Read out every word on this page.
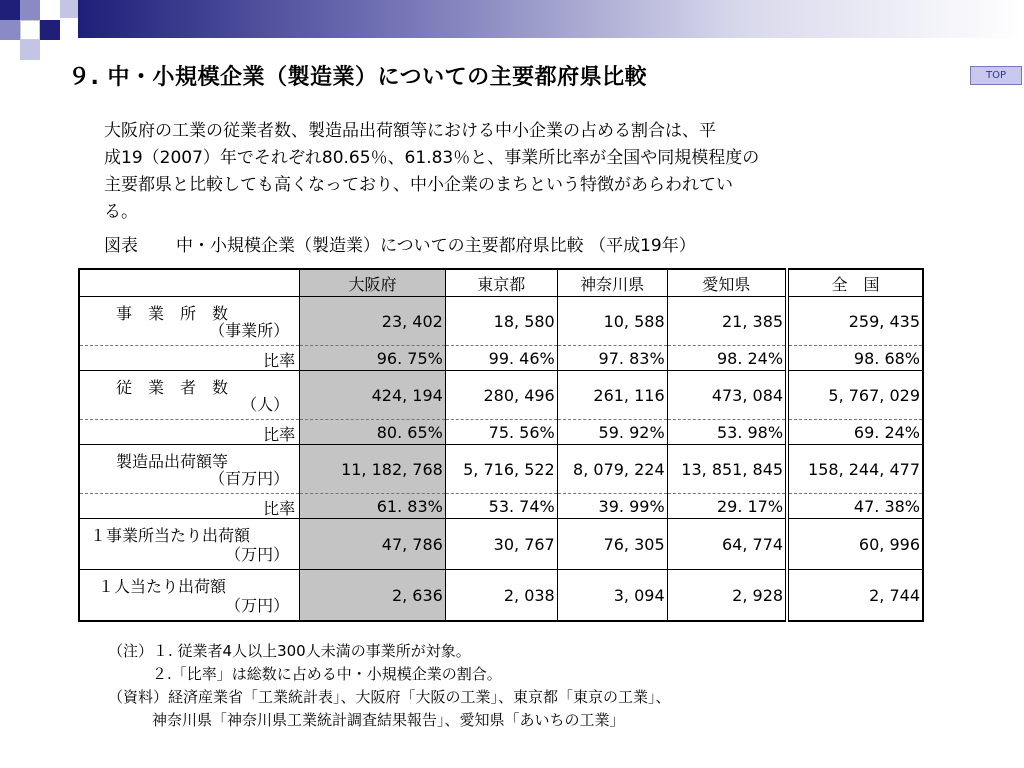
９. 中・小規模企業（製造業）についての主要都府県比較	TOP
大阪府の工業の従業者数、製造品出荷額等における中小企業の占める割合は、平
成19（2007）年でそれぞれ80.65％、61.83％と、事業所比率が全国や同規模程度の
主要都県と比較しても高くなっており、中小企業のまちという特徴があらわれてい
る。
図表 中・小規模企業（製造業）についての主要都府県比較 （平成19年）
	大阪府	東京都	神奈川県	愛知県	全　国

事　業　所　数
（事業所）	23, 402	18, 580	10, 588	21, 385	259, 435

比率	96. 75%	99. 46%	97. 83%	98. 24%	98. 68%

従　業　者　数
（人）	424, 194	280, 496	261, 116	473, 084	5, 767, 029

比率	80. 65%	75. 56%	59. 92%	53. 98%	69. 24%

製造品出荷額等
（百万円）	11, 182, 768	5, 716, 522	8, 079, 224	13, 851, 845	158, 244, 477

比率	61. 83%	53. 74%	39. 99%	29. 17%	47. 38%

１事業所当たり出荷額
（万円）	47, 786	30, 767	76, 305	64, 774	60, 996

１人当たり出荷額
（万円）	2, 636	2, 038	3, 094	2, 928	2, 744
（注）１. 従業者4人以上300人未満の事業所が対象。
２.「比率」は総数に占める中・小規模企業の割合。
（資料）経済産業省「工業統計表」、大阪府「大阪の工業」、東京都「東京の工業」、
神奈川県「神奈川県工業統計調査結果報告」、愛知県「あいちの工業」
